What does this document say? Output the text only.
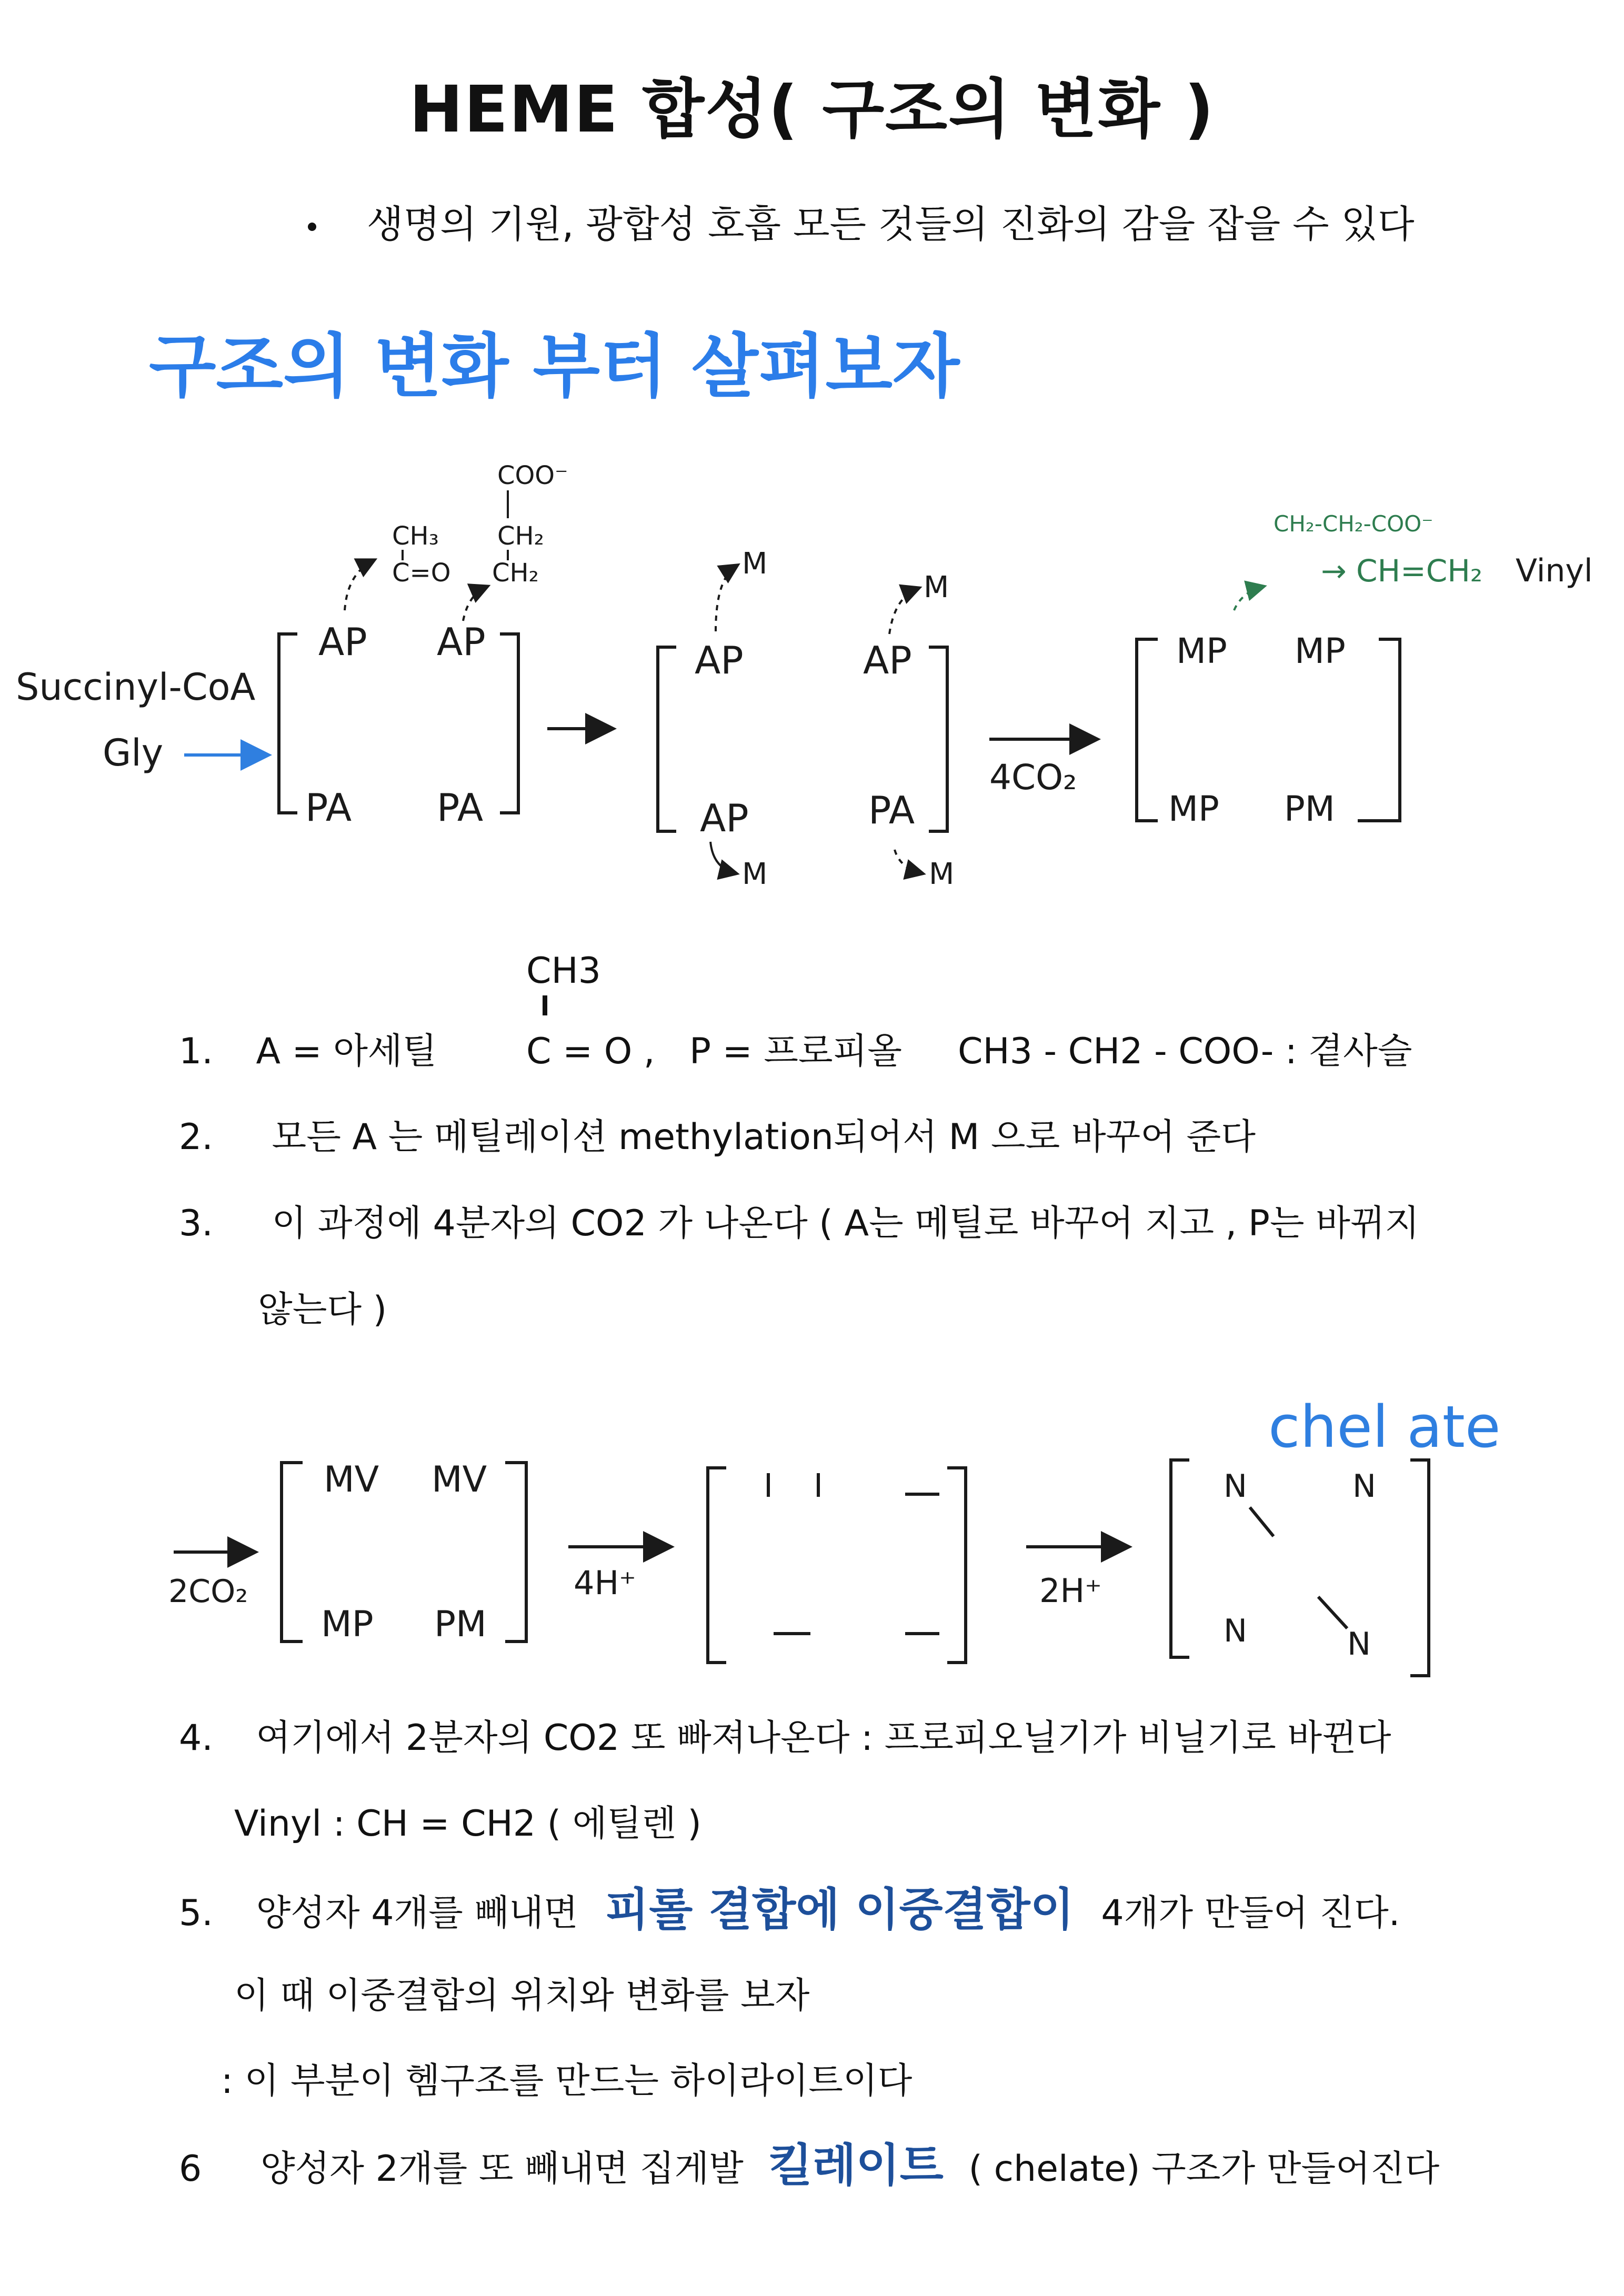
HEME 합성( 구조의 변화 )
생명의 기원, 광합성 호흡 모든 것들의 진화의 감을 잡을 수 있다
구조의 변화 부터 살펴보자
Succinyl-CoA
Gly
COO⁻
CH₂
CH₂
CH₃
C=O
AP AP
PA PA
AP	AP
AP	PA
M
M
M	M
4CO₂
MP MP
MP PM
CH₂-CH₂-COO⁻
→ CH=CH₂ Vinyl
CH3
1. A = 아세틸 C = O , P = 프로피올 CH3 - CH2 - COO- : 곁사슬
2. 모든 A 는 메틸레이션 methylation되어서 M 으로 바꾸어 준다
3. 이 과정에 4분자의 CO2 가 나온다 ( A는 메틸로 바꾸어 지고 , P는 바뀌지
않는다 )
chel ate
2CO₂
MV MV
MP PM
4H⁺	2H⁺
N	N
N	N
4. 여기에서 2분자의 CO2 또 빠져나온다 : 프로피오닐기가 비닐기로 바뀐다
Vinyl : CH = CH2 ( 에틸렌 )
5. 양성자 4개를 빼내면 피롤 결합에 이중결합이 4개가 만들어 진다.
이 때 이중결합의 위치와 변화를 보자
: 이 부분이 헴구조를 만드는 하이라이트이다
6 양성자 2개를 또 빼내면 집게발 킬레이트 ( chelate) 구조가 만들어진다
